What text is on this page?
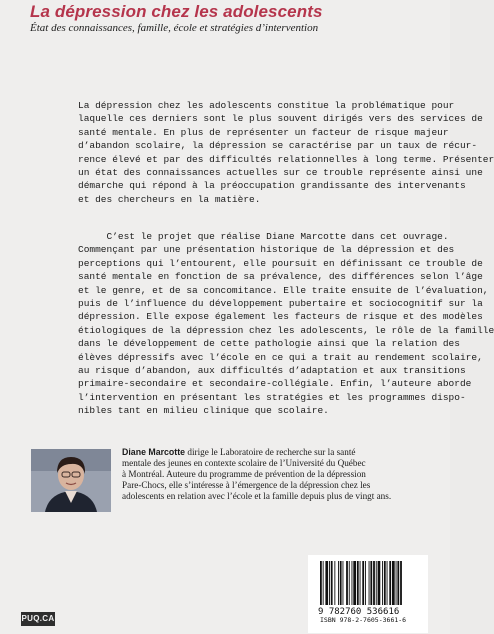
La dépression chez les adolescents
État des connaissances, famille, école et stratégies d’intervention
La dépression chez les adolescents constitue la problématique pour
laquelle ces derniers sont le plus souvent dirigés vers des services de
santé mentale. En plus de représenter un facteur de risque majeur
d’abandon scolaire, la dépression se caractérise par un taux de récur-
rence élevé et par des difficultés relationnelles à long terme. Présenter
un état des connaissances actuelles sur ce trouble représente ainsi une
démarche qui répond à la préoccupation grandissante des intervenants
et des chercheurs en la matière.
C’est le projet que réalise Diane Marcotte dans cet ouvrage.
Commençant par une présentation historique de la dépression et des
perceptions qui l’entourent, elle poursuit en définissant ce trouble de
santé mentale en fonction de sa prévalence, des différences selon l’âge
et le genre, et de sa concomitance. Elle traite ensuite de l’évaluation,
puis de l’influence du développement pubertaire et sociocognitif sur la
dépression. Elle expose également les facteurs de risque et des modèles
étiologiques de la dépression chez les adolescents, le rôle de la famille
dans le développement de cette pathologie ainsi que la relation des
élèves dépressifs avec l’école en ce qui a trait au rendement scolaire,
au risque d’abandon, aux difficultés d’adaptation et aux transitions
primaire-secondaire et secondaire-collégiale. Enfin, l’auteure aborde
l’intervention en présentant les stratégies et les programmes dispo-
nibles tant en milieu clinique que scolaire.
Diane Marcotte dirige le Laboratoire de recherche sur la santé
mentale des jeunes en contexte scolaire de l’Université du Québec
à Montréal. Auteure du programme de prévention de la dépression
Pare-Chocs, elle s’intéresse à l’émergence de la dépression chez les
adolescents en relation avec l’école et la famille depuis plus de vingt ans.
9 782760 536616
ISBN 978-2-7605-3661-6
PUQ.CA
